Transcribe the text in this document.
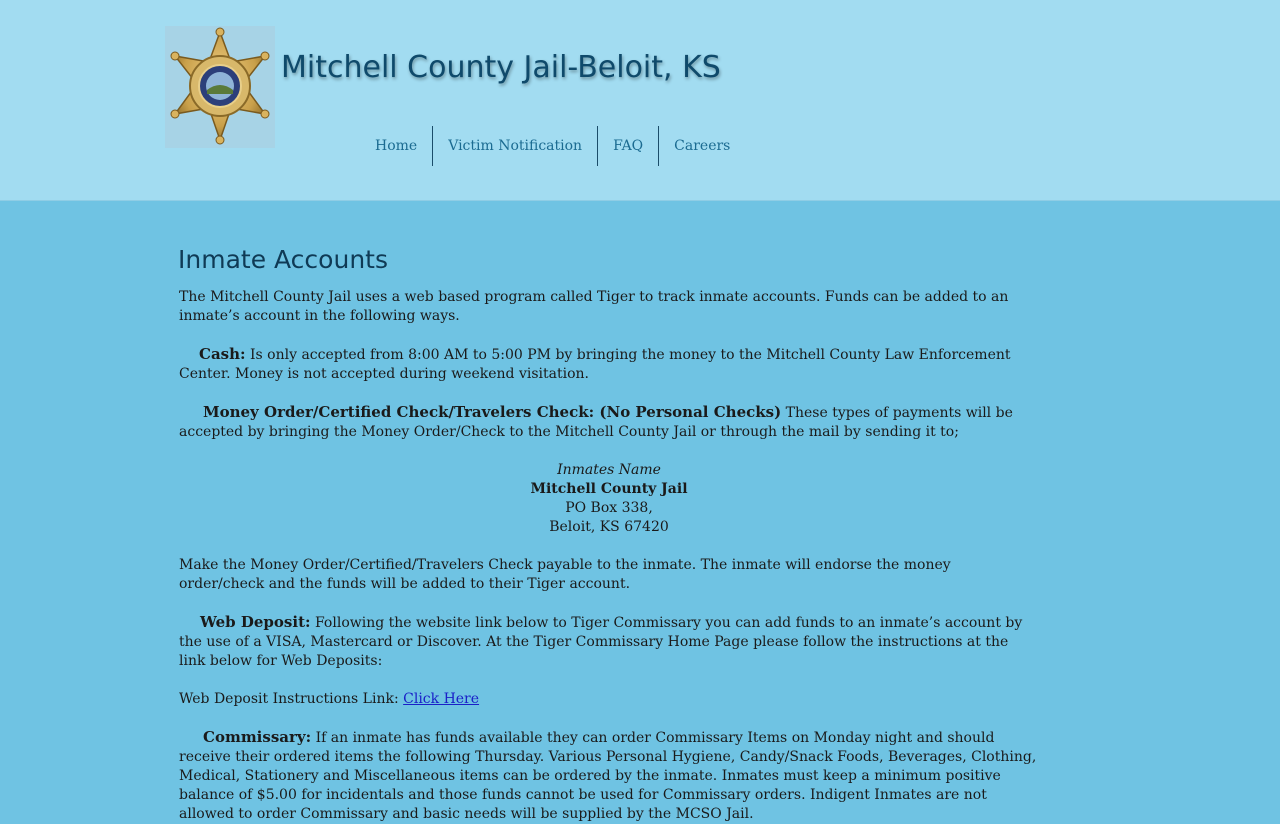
Mitchell County Jail-Beloit, KS
Home	Victim Notification	FAQ	Careers
Inmate Accounts

The Mitchell County Jail uses a web based program called Tiger to track inmate accounts. Funds can be added to an inmate’s account in the following ways.

Cash: Is only accepted from 8:00 AM to 5:00 PM by bringing the money to the Mitchell County Law Enforcement Center. Money is not accepted during weekend visitation.

Money Order/Certified Check/Travelers Check: (No Personal Checks) These types of payments will be accepted by bringing the Money Order/Check to the Mitchell County Jail or through the mail by sending it to;

Inmates Name

Mitchell County Jail

PO Box 338,

Beloit, KS 67420

Make the Money Order/Certified/Travelers Check payable to the inmate. The inmate will endorse the money order/check and the funds will be added to their Tiger account.

Web Deposit: Following the website link below to Tiger Commissary you can add funds to an inmate’s account by the use of a VISA, Mastercard or Discover. At the Tiger Commissary Home Page please follow the instructions at the link below for Web Deposits:

Web Deposit Instructions Link: Click Here

Commissary: If an inmate has funds available they can order Commissary Items on Monday night and should receive their ordered items the following Thursday. Various Personal Hygiene, Candy/Snack Foods, Beverages, Clothing, Medical, Stationery and Miscellaneous items can be ordered by the inmate. Inmates must keep a minimum positive balance of $5.00 for incidentals and those funds cannot be used for Commissary orders. Indigent Inmates are not allowed to order Commissary and basic needs will be supplied by the MCSO Jail.
